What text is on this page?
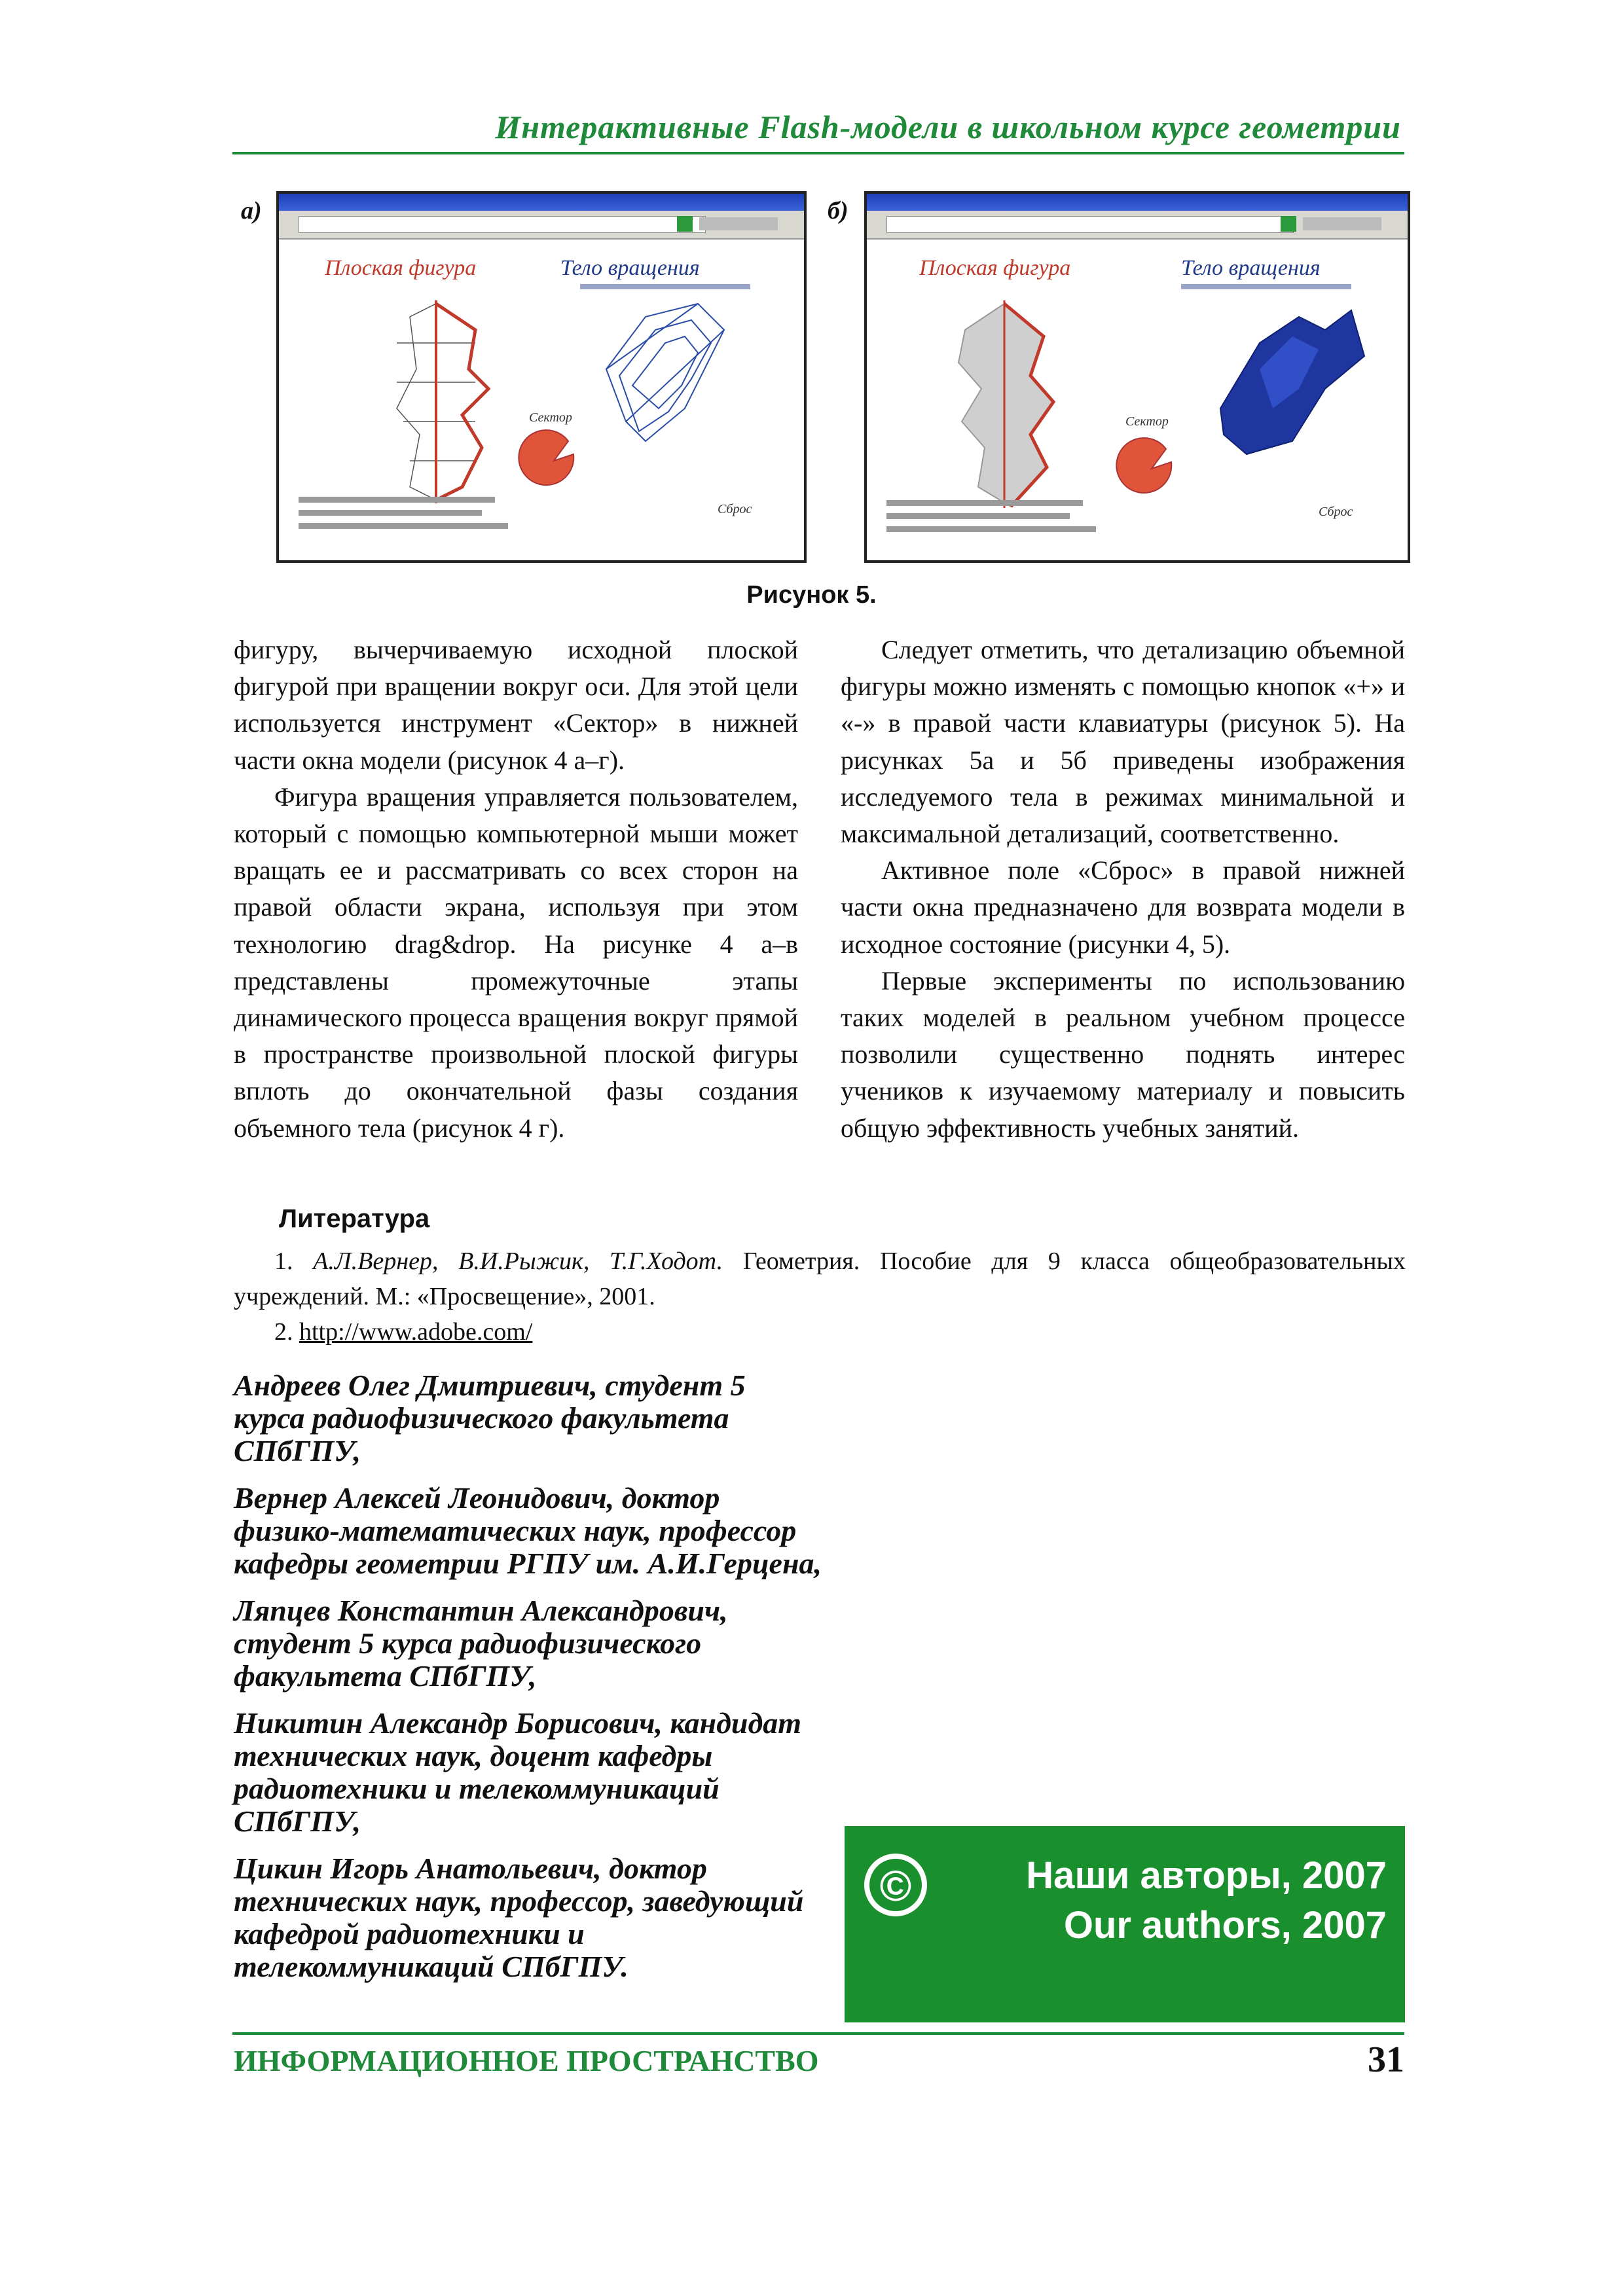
Интерактивные Flash-модели в школьном курсе геометрии
а)
Плоская фигура	Тело вращения
Сектор
Сброс
б)
Плоская фигура	Тело вращения
Сектор
Сброс
Рисунок 5.

фигуру, вычерчиваемую исходной плоской фигурой при вращении вокруг оси. Для этой цели используется инструмент «Сектор» в нижней части окна модели (рисунок 4 а–г).

Фигура вращения управляется пользователем, который с помощью компьютерной мыши может вращать ее и рассматривать со всех сторон на правой области экрана, используя при этом технологию drag&drop. На рисунке 4 а–в представлены промежуточные этапы динамического процесса вращения вокруг прямой в пространстве произвольной плоской фигуры вплоть до окончательной фазы создания объемного тела (рисунок 4 г).

Следует отметить, что детализацию объемной фигуры можно изменять с помощью кнопок «+» и «-» в правой части клавиатуры (рисунок 5). На рисунках 5а и 5б приведены изображения исследуемого тела в режимах минимальной и максимальной детализаций, соответственно.

Активное поле «Сброс» в правой нижней части окна предназначено для возврата модели в исходное состояние (рисунки 4, 5).

Первые эксперименты по использованию таких моделей в реальном учебном процессе позволили существенно поднять интерес учеников к изучаемому материалу и повысить общую эффективность учебных занятий.

Литература

1. А.Л.Вернер, В.И.Рыжик, Т.Г.Ходот. Геометрия. Пособие для 9 класса общеобразовательных учреждений. М.: «Просвещение», 2001.

2. http://www.adobe.com/

Андреев Олег Дмитриевич, студент 5 курса радиофизического факультета СПбГПУ,

Вернер Алексей Леонидович, доктор физико-математических наук, профессор кафедры геометрии РГПУ им. А.И.Герцена,

Ляпцев Константин Александрович, студент 5 курса радиофизического факультета СПбГПУ,

Никитин Александр Борисович, кандидат технических наук, доцент кафедры радиотехники и телекоммуникаций СПбГПУ,

Цикин Игорь Анатольевич, доктор технических наук, профессор, заведующий кафедрой радиотехники и телекоммуникаций СПбГПУ.

©	Наши авторы, 2007
Our authors, 2007
ИНФОРМАЦИОННОЕ ПРОСТРАНСТВО	31
